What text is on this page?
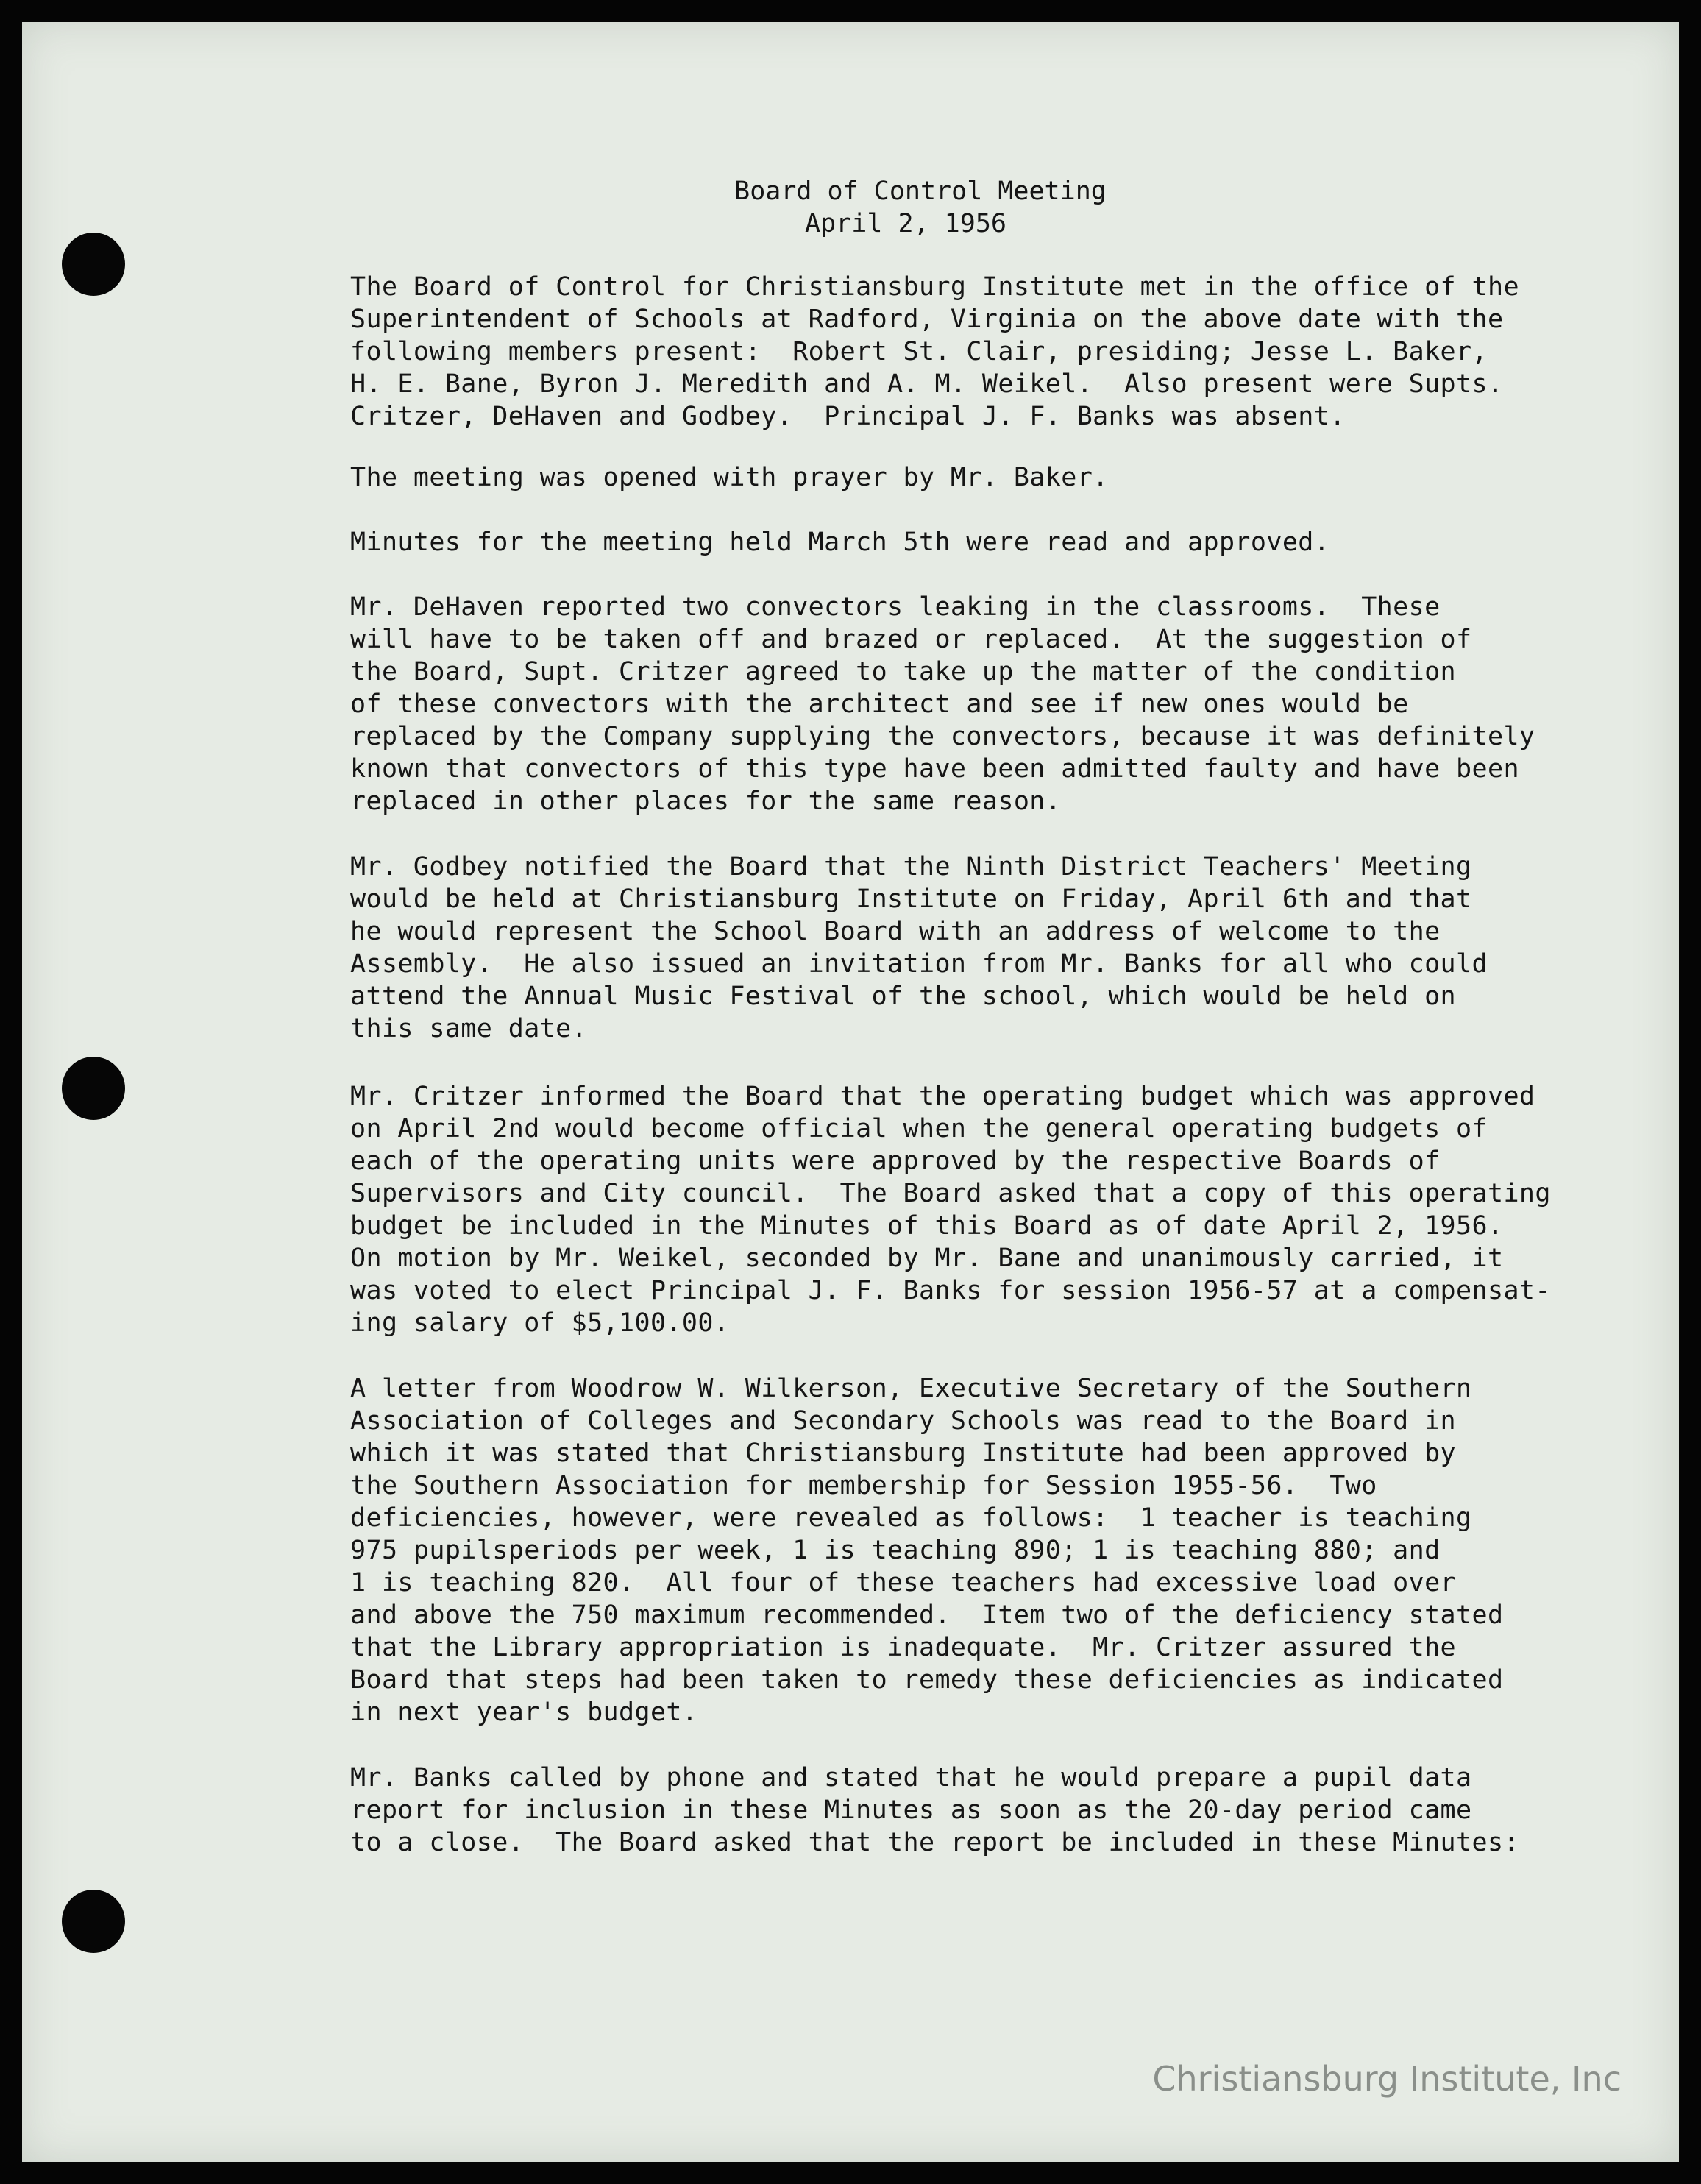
Board of Control Meeting
April 2, 1956

The Board of Control for Christiansburg Institute met in the office of the
Superintendent of Schools at Radford, Virginia on the above date with the
following members present:  Robert St. Clair, presiding; Jesse L. Baker,
H. E. Bane, Byron J. Meredith and A. M. Weikel.  Also present were Supts.
Critzer, DeHaven and Godbey.  Principal J. F. Banks was absent.

The meeting was opened with prayer by Mr. Baker.

Minutes for the meeting held March 5th were read and approved.

Mr. DeHaven reported two convectors leaking in the classrooms.  These
will have to be taken off and brazed or replaced.  At the suggestion of
the Board, Supt. Critzer agreed to take up the matter of the condition
of these convectors with the architect and see if new ones would be
replaced by the Company supplying the convectors, because it was definitely
known that convectors of this type have been admitted faulty and have been
replaced in other places for the same reason.

Mr. Godbey notified the Board that the Ninth District Teachers' Meeting
would be held at Christiansburg Institute on Friday, April 6th and that
he would represent the School Board with an address of welcome to the
Assembly.  He also issued an invitation from Mr. Banks for all who could
attend the Annual Music Festival of the school, which would be held on
this same date.

Mr. Critzer informed the Board that the operating budget which was approved
on April 2nd would become official when the general operating budgets of
each of the operating units were approved by the respective Boards of
Supervisors and City council.  The Board asked that a copy of this operating
budget be included in the Minutes of this Board as of date April 2, 1956.
On motion by Mr. Weikel, seconded by Mr. Bane and unanimously carried, it
was voted to elect Principal J. F. Banks for session 1956-57 at a compensat-
ing salary of $5,100.00.

A letter from Woodrow W. Wilkerson, Executive Secretary of the Southern
Association of Colleges and Secondary Schools was read to the Board in
which it was stated that Christiansburg Institute had been approved by
the Southern Association for membership for Session 1955-56.  Two
deficiencies, however, were revealed as follows:  1 teacher is teaching
975 pupilsperiods per week, 1 is teaching 890; 1 is teaching 880; and
1 is teaching 820.  All four of these teachers had excessive load over
and above the 750 maximum recommended.  Item two of the deficiency stated
that the Library appropriation is inadequate.  Mr. Critzer assured the
Board that steps had been taken to remedy these deficiencies as indicated
in next year's budget.

Mr. Banks called by phone and stated that he would prepare a pupil data
report for inclusion in these Minutes as soon as the 20-day period came
to a close.  The Board asked that the report be included in these Minutes:

Christiansburg Institute, Inc
